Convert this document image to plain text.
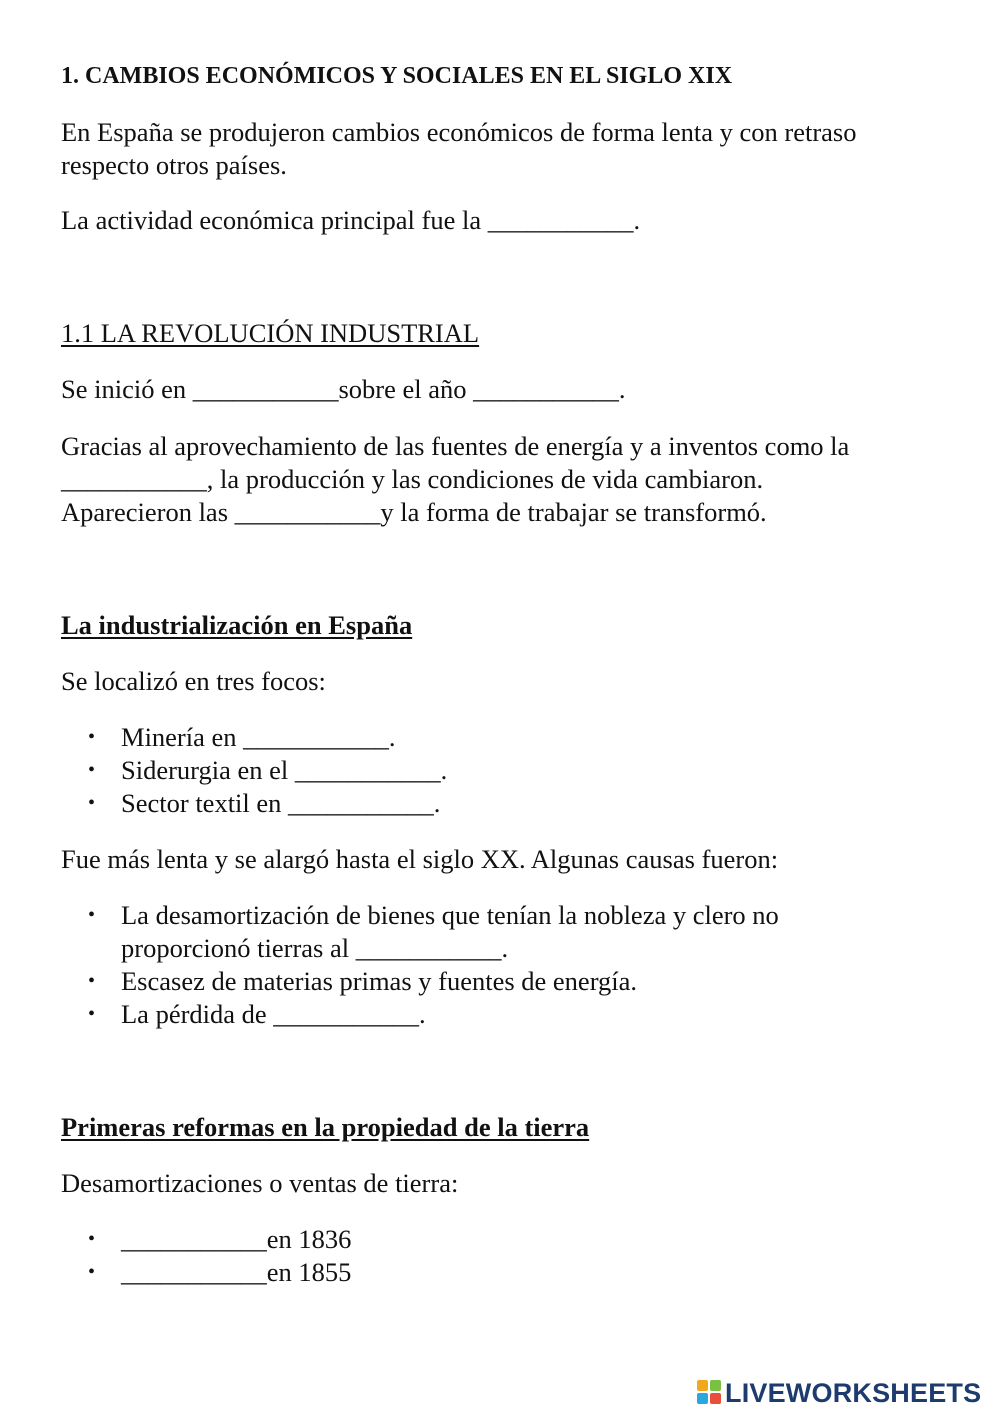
1. CAMBIOS ECONÓMICOS Y SOCIALES EN EL SIGLO XIX

En España se produjeron cambios económicos de forma lenta y con retraso

respecto otros países.

La actividad económica principal fue la ___________.

1.1 LA REVOLUCIÓN INDUSTRIAL

Se inició en ___________sobre el año ___________.

Gracias al aprovechamiento de las fuentes de energía y a inventos como la

___________, la producción y las condiciones de vida cambiaron.

Aparecieron las ___________y la forma de trabajar se transformó.

La industrialización en España

Se localizó en tres focos:

• Minería en ___________.
• Siderurgia en el ___________.
• Sector textil en ___________.

Fue más lenta y se alargó hasta el siglo XX. Algunas causas fueron:

• La desamortización de bienes que tenían la nobleza y clero no
proporcionó tierras al ___________.
• Escasez de materias primas y fuentes de energía.
• La pérdida de ___________.

Primeras reformas en la propiedad de la tierra

Desamortizaciones o ventas de tierra:

• ___________en 1836
• ___________en 1855
LIVEWORKSHEETS
